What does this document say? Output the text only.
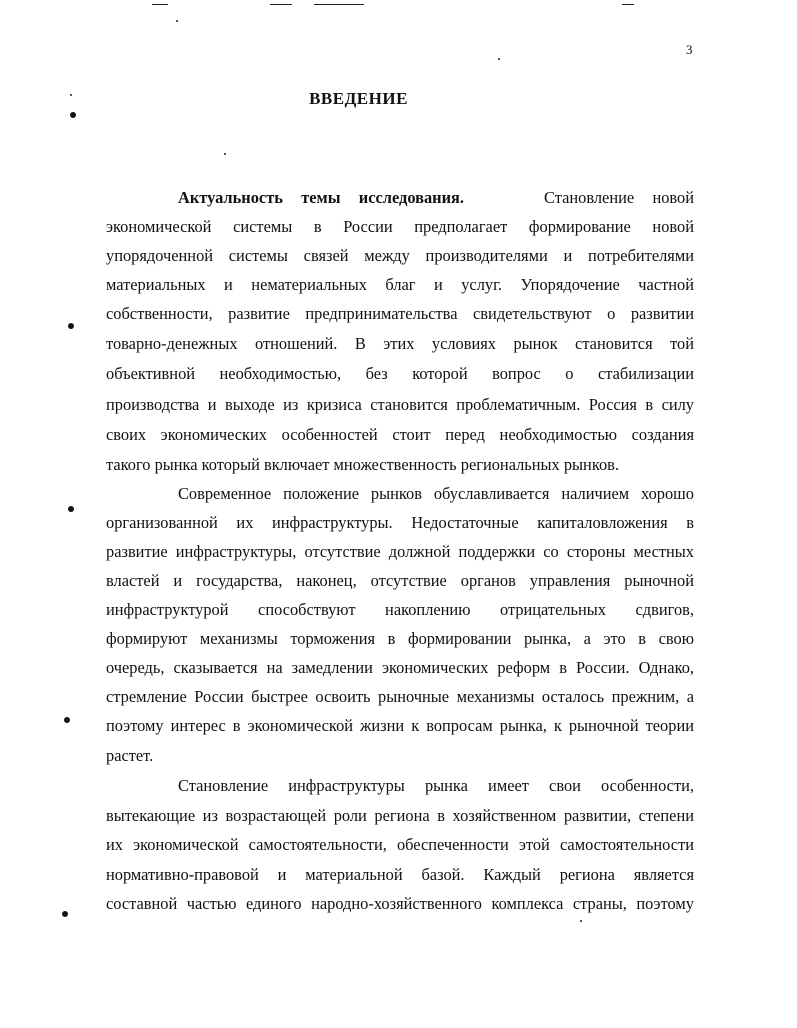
3
ВВЕДЕНИЕ
Актуальность темы исследования.	Становление новой
экономической системы в России предполагает формирование новой
упорядоченной системы связей между производителями и потребителями
материальных и нематериальных благ и услуг. Упорядочение частной
собственности, развитие предпринимательства свидетельствуют о развитии
товарно-денежных отношений. В этих условиях рынок становится той
объективной необходимостью, без которой вопрос о стабилизации
производства и выходе из кризиса становится проблематичным. Россия в силу
своих экономических особенностей стоит перед необходимостью создания
такого рынка который включает множественность региональных рынков.
Современное положение рынков обуславливается наличием хорошо
организованной их инфраструктуры. Недостаточные капиталовложения в
развитие инфраструктуры, отсутствие должной поддержки со стороны местных
властей и государства, наконец, отсутствие органов управления рыночной
инфраструктурой способствуют накоплению отрицательных сдвигов,
формируют механизмы торможения в формировании рынка, а это в свою
очередь, сказывается на замедлении экономических реформ в России. Однако,
стремление России быстрее освоить рыночные механизмы осталось прежним, а
поэтому интерес в экономической жизни к вопросам рынка, к рыночной теории
растет.
Становление инфраструктуры рынка имеет свои особенности,
вытекающие из возрастающей роли региона в хозяйственном развитии, степени
их экономической самостоятельности, обеспеченности этой самостоятельности
нормативно-правовой и материальной базой. Каждый региона является
составной частью единого народно-хозяйственного комплекса страны, поэтому
